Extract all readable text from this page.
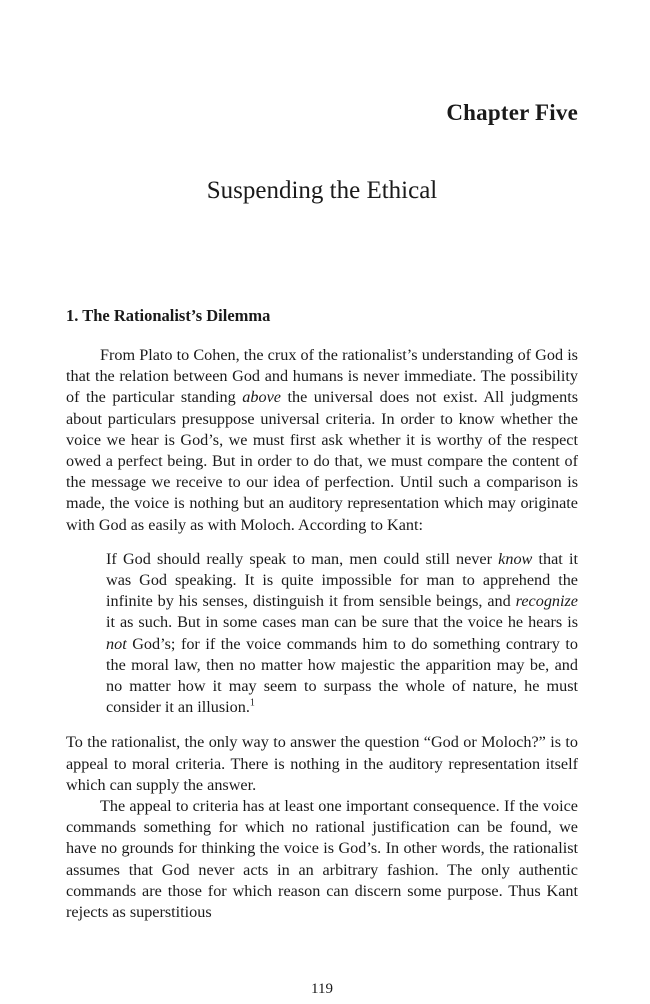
Chapter Five
Suspending the Ethical
1. The Rationalist’s Dilemma

From Plato to Cohen, the crux of the rationalist’s understanding of God is that the relation between God and humans is never immediate. The possibility of the particular standing above the universal does not exist. All judgments about particulars presuppose universal criteria. In order to know whether the voice we hear is God’s, we must first ask whether it is worthy of the respect owed a perfect being. But in order to do that, we must compare the content of the message we receive to our idea of perfection. Until such a comparison is made, the voice is nothing but an auditory representation which may originate with God as easily as with Moloch. According to Kant:

If God should really speak to man, men could still never know that it was God speaking. It is quite impossible for man to apprehend the infinite by his senses, distinguish it from sensible beings, and recognize it as such. But in some cases man can be sure that the voice he hears is not God’s; for if the voice commands him to do something contrary to the moral law, then no matter how majestic the apparition may be, and no matter how it may seem to surpass the whole of nature, he must consider it an illusion.$^1$

To the rationalist, the only way to answer the question “God or Moloch?” is to appeal to moral criteria. There is nothing in the auditory representation itself which can supply the answer.

The appeal to criteria has at least one important consequence. If the voice commands something for which no rational justification can be found, we have no grounds for thinking the voice is God’s. In other words, the rationalist assumes that God never acts in an arbitrary fashion. The only authentic commands are those for which reason can discern some purpose. Thus Kant rejects as superstitious

119
